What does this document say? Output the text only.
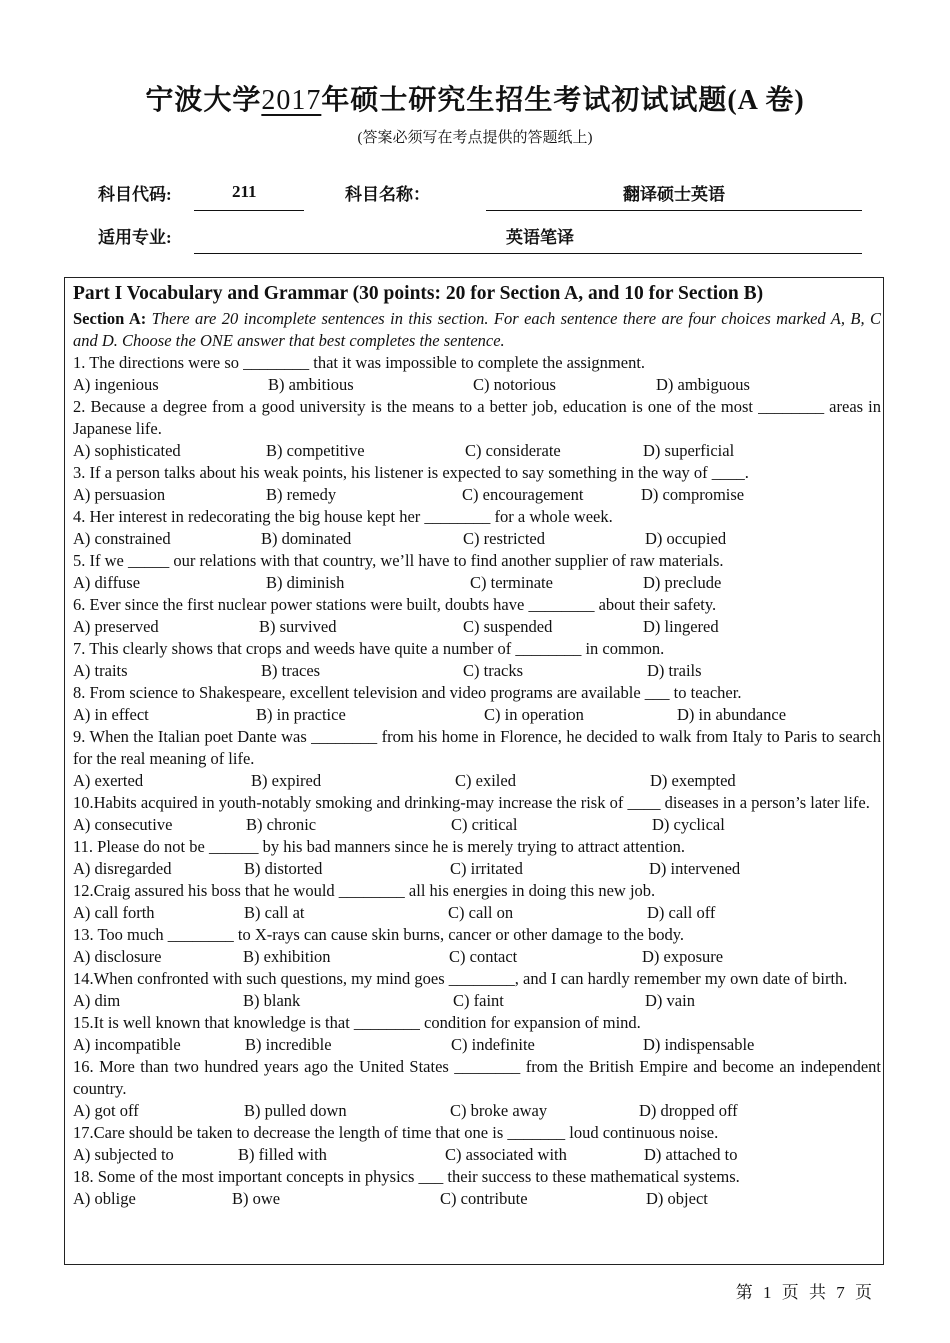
宁波大学2017年硕士研究生招生考试初试试题(A 卷)
(答案必须写在考点提供的答题纸上)
科目代码:	211	科目名称：	翻译硕士英语
适用专业:	英语笔译
Part I Vocabulary and Grammar (30 points: 20 for Section A, and 10 for Section B)
Section A: There are 20 incomplete sentences in this section. For each sentence there are four choices marked A, B, C and D. Choose the ONE answer that best completes the sentence.
1. The directions were so ________ that it was impossible to complete the assignment.
A) ingenious	B) ambitious	C) notorious	D) ambiguous
2. Because a degree from a good university is the means to a better job, education is one of the most ________ areas in Japanese life.
A) sophisticated	B) competitive	C) considerate	D) superficial
3. If a person talks about his weak points, his listener is expected to say something in the way of ____.
A) persuasion	B) remedy	C) encouragement	D) compromise
4. Her interest in redecorating the big house kept her ________ for a whole week.
A) constrained	B) dominated	C) restricted	D) occupied
5. If we _____ our relations with that country, we’ll have to find another supplier of raw materials.
A) diffuse	B) diminish	C) terminate	D) preclude
6. Ever since the first nuclear power stations were built, doubts have ________ about their safety.
A) preserved	B) survived	C) suspended	D) lingered
7. This clearly shows that crops and weeds have quite a number of ________ in common.
A) traits	B) traces	C) tracks	D) trails
8. From science to Shakespeare, excellent television and video programs are available ___ to teacher.
A) in effect	B) in practice	C) in operation	D) in abundance
9. When the Italian poet Dante was ________ from his home in Florence, he decided to walk from Italy to Paris to search for the real meaning of life.
A) exerted	B) expired	C) exiled	D) exempted
10.Habits acquired in youth-notably smoking and drinking-may increase the risk of ____ diseases in a person’s later life.
A) consecutive	B) chronic	C) critical	D) cyclical
11. Please do not be ______ by his bad manners since he is merely trying to attract attention.
A) disregarded	B) distorted	C) irritated	D) intervened
12.Craig assured his boss that he would ________ all his energies in doing this new job.
A) call forth	B) call at	C) call on	D) call off
13. Too much ________ to X-rays can cause skin burns, cancer or other damage to the body.
A) disclosure	B) exhibition	C) contact	D) exposure
14.When confronted with such questions, my mind goes ________, and I can hardly remember my own date of birth.
A) dim	B) blank	C) faint	D) vain
15.It is well known that knowledge is that ________ condition for expansion of mind.
A) incompatible	B) incredible	C) indefinite	D) indispensable
16. More than two hundred years ago the United States ________ from the British Empire and become an independent country.
A) got off	B) pulled down	C) broke away	D) dropped off
17.Care should be taken to decrease the length of time that one is _______ loud continuous noise.
A) subjected to	B) filled with	C) associated with	D) attached to
18. Some of the most important concepts in physics ___ their success to these mathematical systems.
A) oblige	B) owe	C) contribute	D) object
第 1 页 共 7 页
